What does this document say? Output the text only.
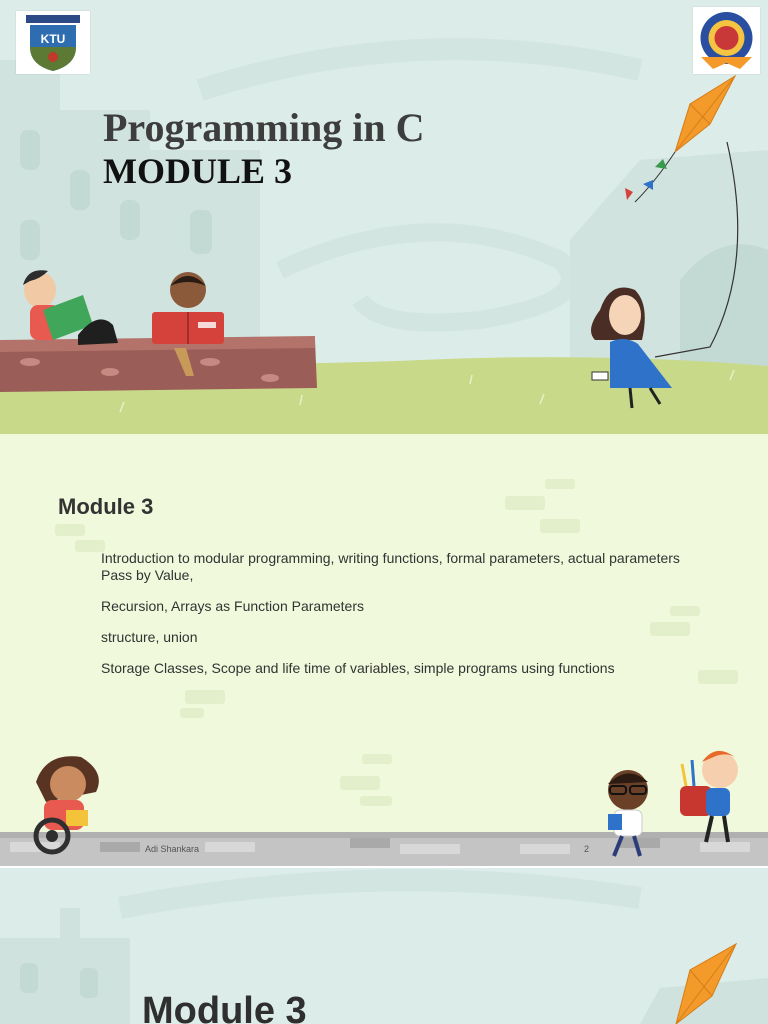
KTU
Programming in C
MODULE 3
Module 3
Introduction to modular programming, writing functions, formal parameters, actual parameters Pass by Value,
Recursion, Arrays as Function Parameters
structure, union
Storage Classes, Scope and life time of variables, simple programs using functions
Adi Shankara	2
Module 3
